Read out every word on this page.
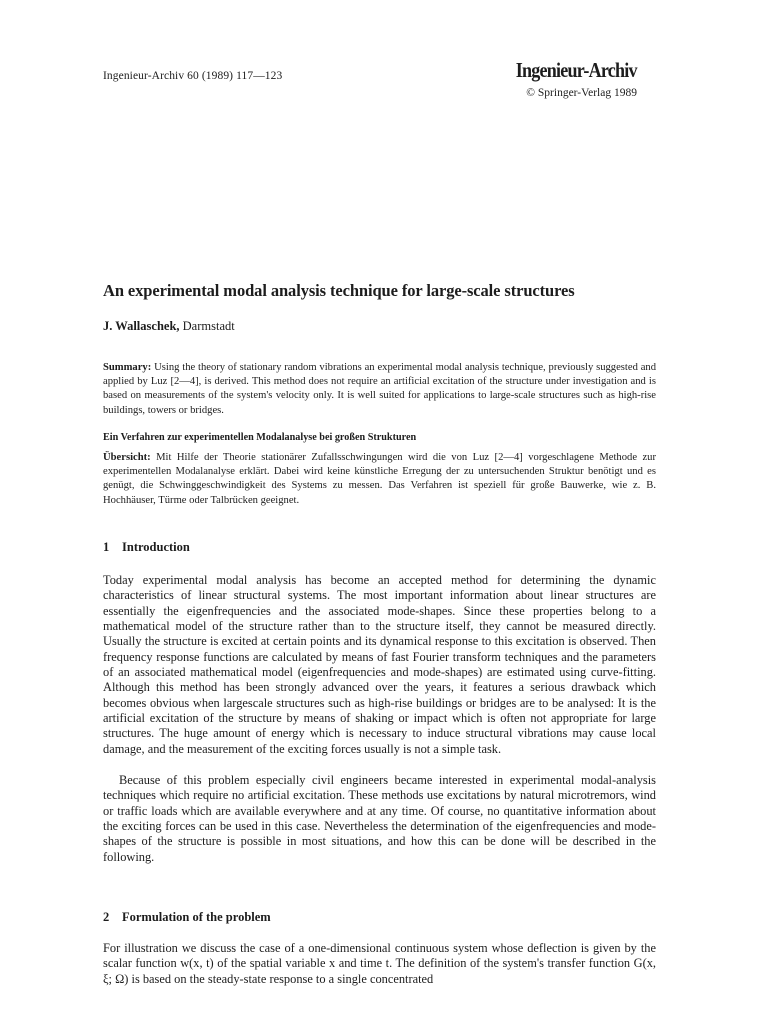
Ingenieur-Archiv 60 (1989) 117—123	Ingenieur-Archiv
© Springer-Verlag 1989
An experimental modal analysis technique for large-scale structures
J. Wallaschek, Darmstadt

Summary: Using the theory of stationary random vibrations an experimental modal analysis technique, previously suggested and applied by Luz [2—4], is derived. This method does not require an artificial excitation of the structure under investigation and is based on measurements of the system's velocity only. It is well suited for applications to large-scale structures such as high-rise buildings, towers or bridges.

Ein Verfahren zur experimentellen Modalanalyse bei großen Strukturen

Übersicht: Mit Hilfe der Theorie stationärer Zufallsschwingungen wird die von Luz [2—4] vorgeschlagene Methode zur experimentellen Modalanalyse erklärt. Dabei wird keine künstliche Erregung der zu untersuchenden Struktur benötigt und es genügt, die Schwinggeschwindigkeit des Systems zu messen. Das Verfahren ist speziell für große Bauwerke, wie z. B. Hochhäuser, Türme oder Talbrücken geeignet.

1 Introduction

Today experimental modal analysis has become an accepted method for determining the dynamic characteristics of linear structural systems. The most important information about linear structures are essentially the eigenfrequencies and the associated mode-shapes. Since these properties belong to a mathematical model of the structure rather than to the structure itself, they cannot be measured directly. Usually the structure is excited at certain points and its dynamical response to this excitation is observed. Then frequency response functions are calculated by means of fast Fourier transform techniques and the parameters of an associated mathematical model (eigenfrequencies and mode-shapes) are estimated using curve-fitting. Although this method has been strongly advanced over the years, it features a serious drawback which becomes obvious when largescale structures such as high-rise buildings or bridges are to be analysed: It is the artificial excitation of the structure by means of shaking or impact which is often not appropriate for large structures. The huge amount of energy which is necessary to induce structural vibrations may cause local damage, and the measurement of the exciting forces usually is not a simple task.

Because of this problem especially civil engineers became interested in experimental modal-analysis techniques which require no artificial excitation. These methods use excitations by natural microtremors, wind or traffic loads which are available everywhere and at any time. Of course, no quantitative information about the exciting forces can be used in this case. Nevertheless the determination of the eigenfrequencies and mode-shapes of the structure is possible in most situations, and how this can be done will be described in the following.

2 Formulation of the problem

For illustration we discuss the case of a one-dimensional continuous system whose deflection is given by the scalar function w(x, t) of the spatial variable x and time t. The definition of the system's transfer function G(x, ξ; Ω) is based on the steady-state response to a single concentrated
